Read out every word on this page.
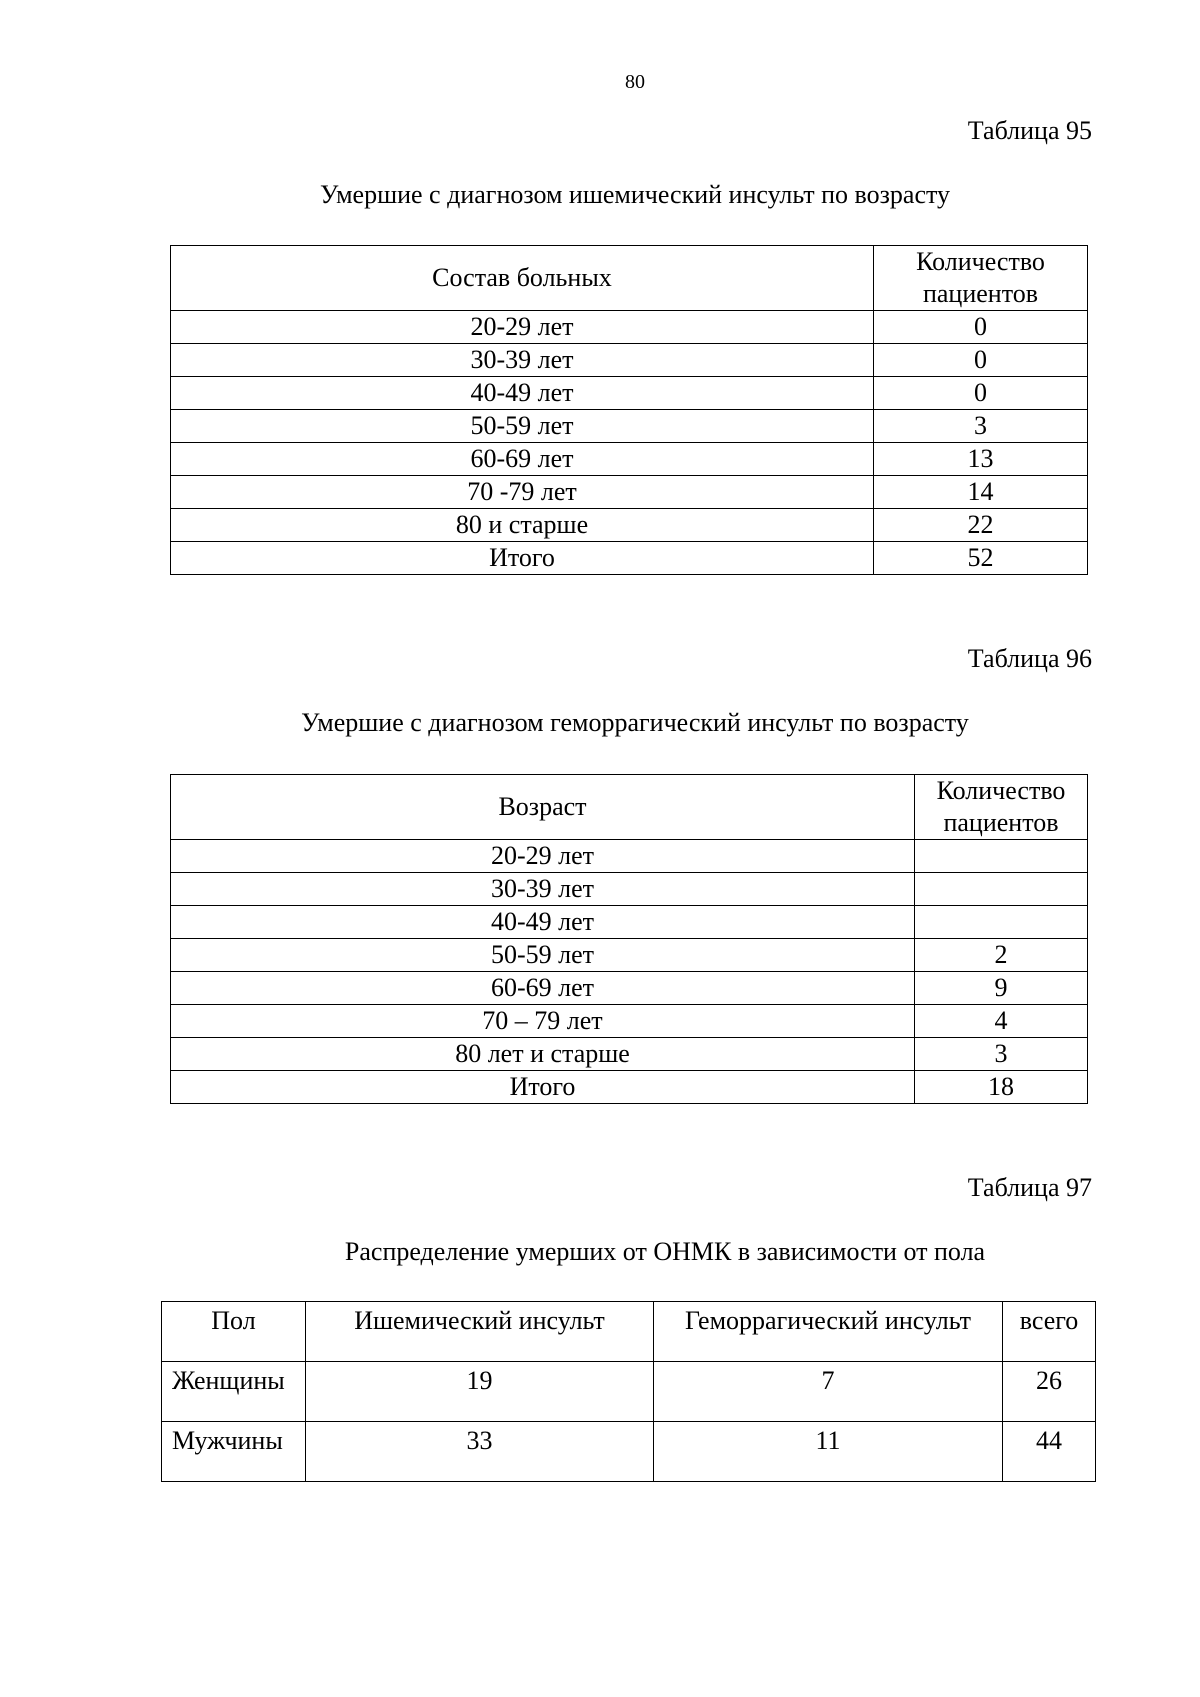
80
Таблица 95
Умершие с диагнозом ишемический инсульт по возрасту
Состав больных	Количество пациентов
20-29 лет	0
30-39 лет	0
40-49 лет	0
50-59 лет	3
60-69 лет	13
70 -79 лет	14
80 и старше	22
Итого	52
Таблица 96
Умершие с диагнозом геморрагический инсульт по возрасту
Возраст	Количество пациентов
20-29 лет	
30-39 лет	
40-49 лет	
50-59 лет	2
60-69 лет	9
70 – 79 лет	4
80 лет и старше	3
Итого	18
Таблица 97
Распределение умерших от ОНМК в зависимости от пола
Пол	Ишемический инсульт	Геморрагический инсульт	всего
Женщины	19	7	26
Мужчины	33	11	44
